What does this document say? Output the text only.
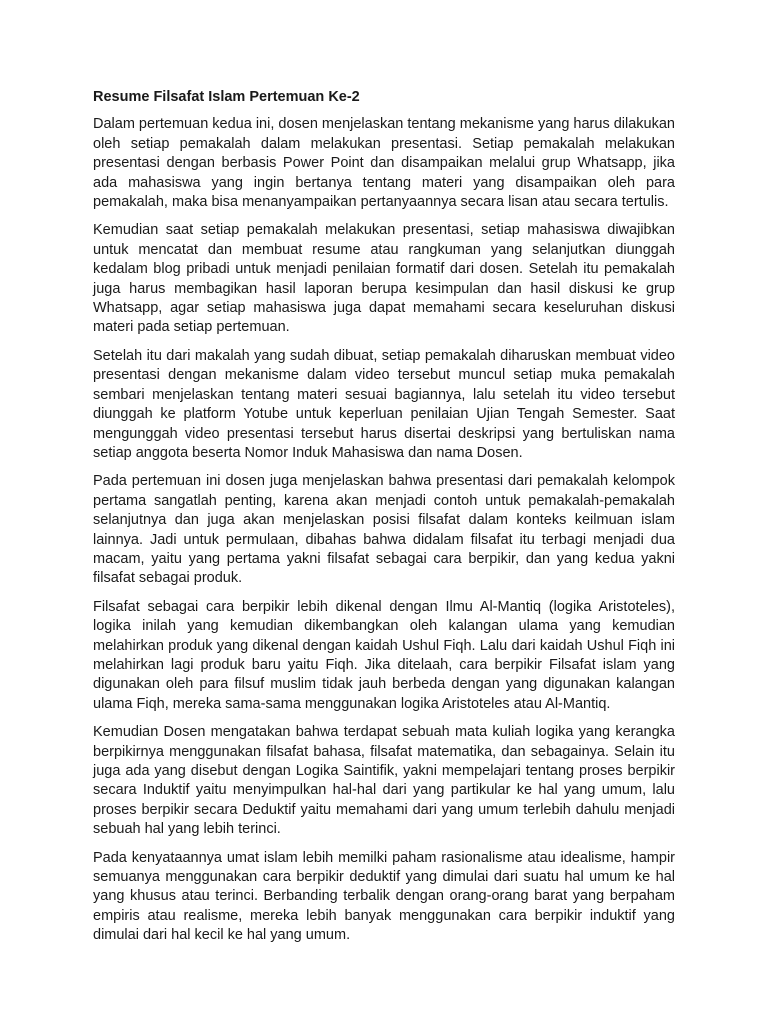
Resume Filsafat Islam Pertemuan Ke-2

Dalam pertemuan kedua ini, dosen menjelaskan tentang mekanisme yang harus dilakukan oleh setiap pemakalah dalam melakukan presentasi. Setiap pemakalah melakukan presentasi dengan berbasis Power Point dan disampaikan melalui grup Whatsapp, jika ada mahasiswa yang ingin bertanya tentang materi yang disampaikan oleh para pemakalah, maka bisa menanyampaikan pertanyaannya secara lisan atau secara tertulis.

Kemudian saat setiap pemakalah melakukan presentasi, setiap mahasiswa diwajibkan untuk mencatat dan membuat resume atau rangkuman yang selanjutkan diunggah kedalam blog pribadi untuk menjadi penilaian formatif dari dosen. Setelah itu pemakalah juga harus membagikan hasil laporan berupa kesimpulan dan hasil diskusi ke grup Whatsapp, agar setiap mahasiswa juga dapat memahami secara keseluruhan diskusi materi pada setiap pertemuan.

Setelah itu dari makalah yang sudah dibuat, setiap pemakalah diharuskan membuat video presentasi dengan mekanisme dalam video tersebut muncul setiap muka pemakalah sembari menjelaskan tentang materi sesuai bagiannya, lalu setelah itu video tersebut diunggah ke platform Yotube untuk keperluan penilaian Ujian Tengah Semester. Saat mengunggah video presentasi tersebut harus disertai deskripsi yang bertuliskan nama setiap anggota beserta Nomor Induk Mahasiswa dan nama Dosen.

Pada pertemuan ini dosen juga menjelaskan bahwa presentasi dari pemakalah kelompok pertama sangatlah penting, karena akan menjadi contoh untuk pemakalah-pemakalah selanjutnya dan juga akan menjelaskan posisi filsafat dalam konteks keilmuan islam lainnya. Jadi untuk permulaan, dibahas bahwa didalam filsafat itu terbagi menjadi dua macam, yaitu yang pertama yakni filsafat sebagai cara berpikir, dan yang kedua yakni filsafat sebagai produk.

Filsafat sebagai cara berpikir lebih dikenal dengan Ilmu Al-Mantiq (logika Aristoteles), logika inilah yang kemudian dikembangkan oleh kalangan ulama yang kemudian melahirkan produk yang dikenal dengan kaidah Ushul Fiqh. Lalu dari kaidah Ushul Fiqh ini melahirkan lagi produk baru yaitu Fiqh. Jika ditelaah, cara berpikir Filsafat islam yang digunakan oleh para filsuf muslim tidak jauh berbeda dengan yang digunakan kalangan ulama Fiqh, mereka sama-sama menggunakan logika Aristoteles atau Al-Mantiq.

Kemudian Dosen mengatakan bahwa terdapat sebuah mata kuliah logika yang kerangka berpikirnya menggunakan filsafat bahasa, filsafat matematika, dan sebagainya. Selain itu juga ada yang disebut dengan Logika Saintifik, yakni mempelajari tentang proses berpikir secara Induktif yaitu menyimpulkan hal-hal dari yang partikular ke hal yang umum, lalu proses berpikir secara Deduktif yaitu memahami dari yang umum terlebih dahulu menjadi sebuah hal yang lebih terinci.

Pada kenyataannya umat islam lebih memilki paham rasionalisme atau idealisme, hampir semuanya menggunakan cara berpikir deduktif yang dimulai dari suatu hal umum ke hal yang khusus atau terinci. Berbanding terbalik dengan orang-orang barat yang berpaham empiris atau realisme, mereka lebih banyak menggunakan cara berpikir induktif yang dimulai dari hal kecil ke hal yang umum.
